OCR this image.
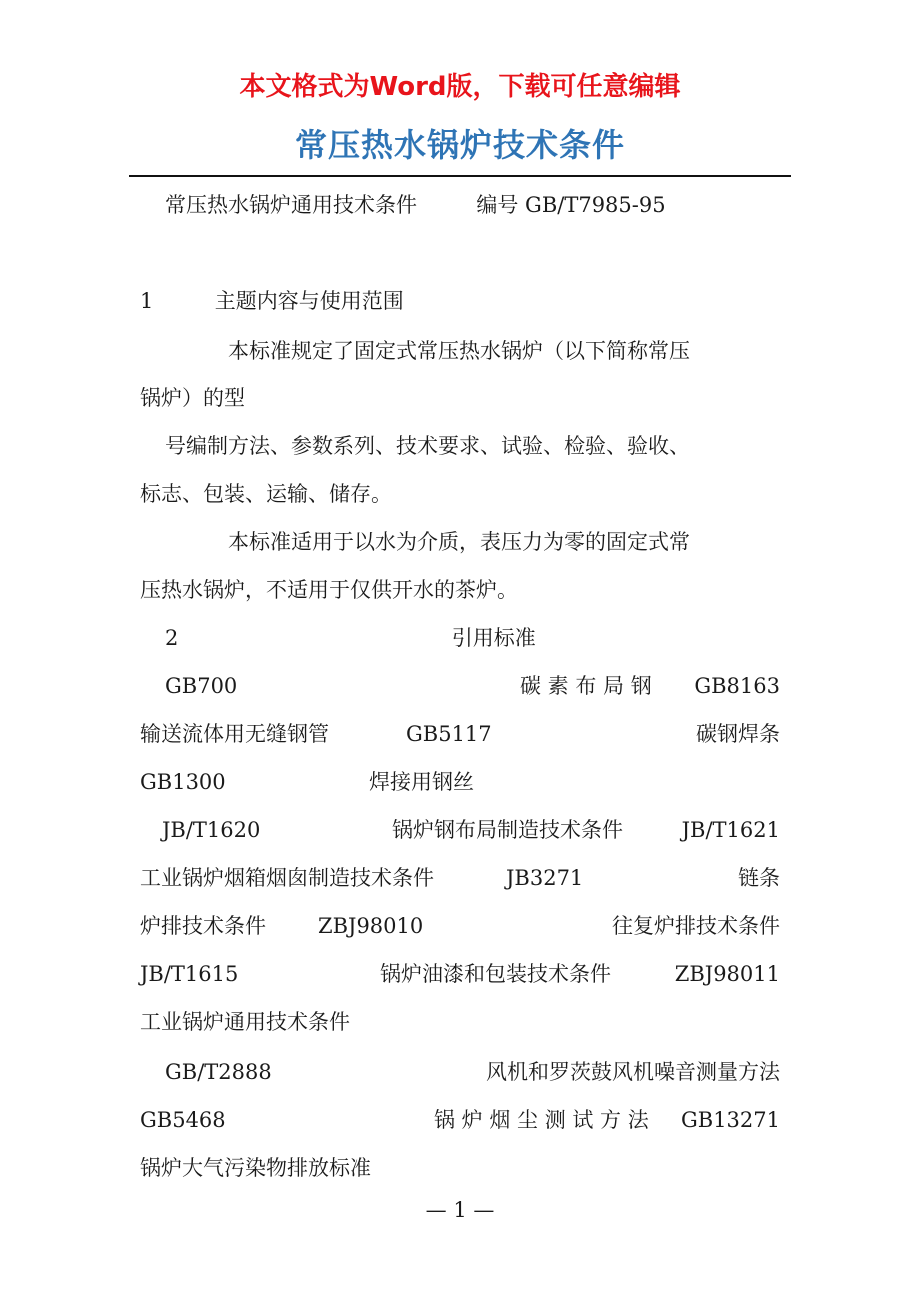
本文格式为Word版，下载可任意编辑
常压热水锅炉技术条件
常压热水锅炉通用技术条件	编号 GB/T7985-95
1	主题内容与使用范围
本标准规定了固定式常压热水锅炉（以下简称常压
锅炉）的型
号编制方法、参数系列、技术要求、试验、检验、验收、
标志、包装、运输、储存。
本标准适用于以水为介质，表压力为零的固定式常
压热水锅炉，不适用于仅供开水的茶炉。
2	引用标准
GB700	碳 素 布 局 钢 GB8163
输送流体用无缝钢管	GB5117	碳钢焊条
GB1300	焊接用钢丝
JB/T1620	锅炉钢布局制造技术条件	JB/T1621
工业锅炉烟箱烟囱制造技术条件	JB3271	链条
炉排技术条件 ZBJ98010	往复炉排技术条件
JB/T1615	锅炉油漆和包装技术条件	ZBJ98011
工业锅炉通用技术条件
GB/T2888	风机和罗茨鼓风机噪音测量方法
GB5468	锅 炉 烟 尘 测 试 方 法 GB13271
锅炉大气污染物排放标准
— 1 —
